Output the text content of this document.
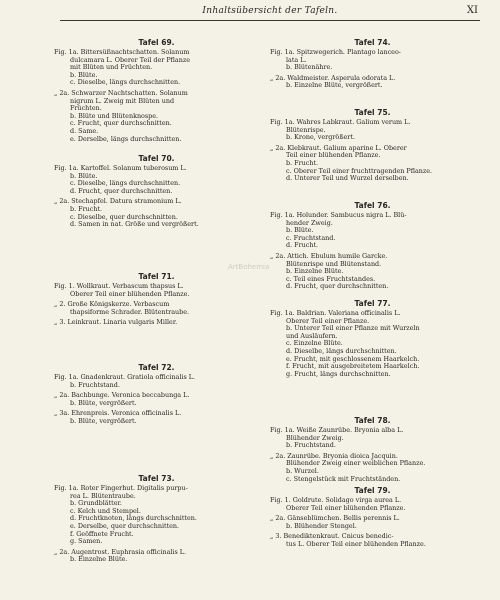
Inhaltsübersicht der Tafeln.	XI
ArtBohemia
Tafel 69.
Fig. 1a. Bittersüßnachtschatten. Solanum
dulcamara L. Oberer Teil der Pflanze
mit Blüten und Früchten.
b. Blüte.
c. Dieselbe, längs durchschnitten.
„ 2a. Schwarzer Nachtschatten. Solanum
nigrum L. Zweig mit Blüten und
Früchten.
b. Blüte und Blütenknospe.
c. Frucht, quer durchschnitten.
d. Same.
e. Derselbe, längs durchschnitten.
Tafel 70.
Fig. 1a. Kartoffel. Solanum tuberosum L.
b. Blüte.
c. Dieselbe, längs durchschnitten.
d. Frucht, quer durchschnitten.
„ 2a. Stechapfel. Datura stramonium L.
b. Frucht.
c. Dieselbe, quer durchschnitten.
d. Samen in nat. Größe und vergrößert.
Tafel 71.
Fig. 1. Wollkraut. Verbascum thapsus L.
Oberer Teil einer blühenden Pflanze.
„ 2. Große Königskerze. Verbascum
thapsiforme Schrader. Blütentraube.
„ 3. Leinkraut. Linaria vulgaris Miller.
Tafel 72.
Fig. 1a. Gnadenkraut. Gratiola officinalis L.
b. Fruchtstand.
„ 2a. Bachbunge. Veronica beccabunga L.
b. Blüte, vergrößert.
„ 3a. Ehrenpreis. Veronica officinalis L.
b. Blüte, vergrößert.
Tafel 73.
Fig. 1a. Roter Fingerhut. Digitalis purpu-
rea L. Blütentraube.
b. Grundblätter.
c. Kelch und Stempel.
d. Fruchtknoten, längs durchschnitten.
e. Derselbe, quer durchschnitten.
f. Geöffnete Frucht.
g. Samen.
„ 2a. Augentrost. Euphrasia officinalis L.
b. Einzelne Blüte.
Tafel 74.
Fig. 1a. Spitzwegerich. Plantago lanceo-
lata L.
b. Blütenähre.
„ 2a. Waldmeister. Asperula odorata L.
b. Einzelne Blüte, vergrößert.
Tafel 75.
Fig. 1a. Wahres Labkraut. Galium verum L.
Blütenrispe.
b. Krone, vergrößert.
„ 2a. Klebkraut. Galium aparine L. Oberer
Teil einer blühenden Pflanze.
b. Frucht.
c. Oberer Teil einer fruchttragenden Pflanze.
d. Unterer Teil und Wurzel derselben.
Tafel 76.
Fig. 1a. Holunder. Sambucus nigra L. Blü-
hender Zweig.
b. Blüte.
c. Fruchtstand.
d. Frucht.
„ 2a. Attich. Ebulum humile Garcke.
Blütenrispe und Blütenstand.
b. Einzelne Blüte.
c. Teil eines Fruchtstandes.
d. Frucht, quer durchschnitten.
Tafel 77.
Fig. 1a. Baldrian. Valeriana officinalis L.
Oberer Teil einer Pflanze.
b. Unterer Teil einer Pflanze mit Wurzeln
und Ausläufern.
c. Einzelne Blüte.
d. Dieselbe, längs durchschnitten.
e. Frucht, mit geschlossenem Haarkelch.
f. Frucht, mit ausgebreitetem Haarkelch.
g. Frucht, längs durchschnitten.
Tafel 78.
Fig. 1a. Weiße Zaunrübe. Bryonia alba L.
Blühender Zweig.
b. Fruchtstand.
„ 2a. Zaunrübe. Bryonia dioica Jacquin.
Blühender Zweig einer weiblichen Pflanze.
b. Wurzel.
c. Stengelstück mit Fruchtständen.
Tafel 79.
Fig. 1. Goldrute. Solidago virga aurea L.
Oberer Teil einer blühenden Pflanze.
„ 2a. Gänseblümchen. Bellis perennis L.
b. Blühender Stengel.
„ 3. Benediktenkraut. Cnicus benedic-
tus L. Oberer Teil einer blühenden Pflanze.
